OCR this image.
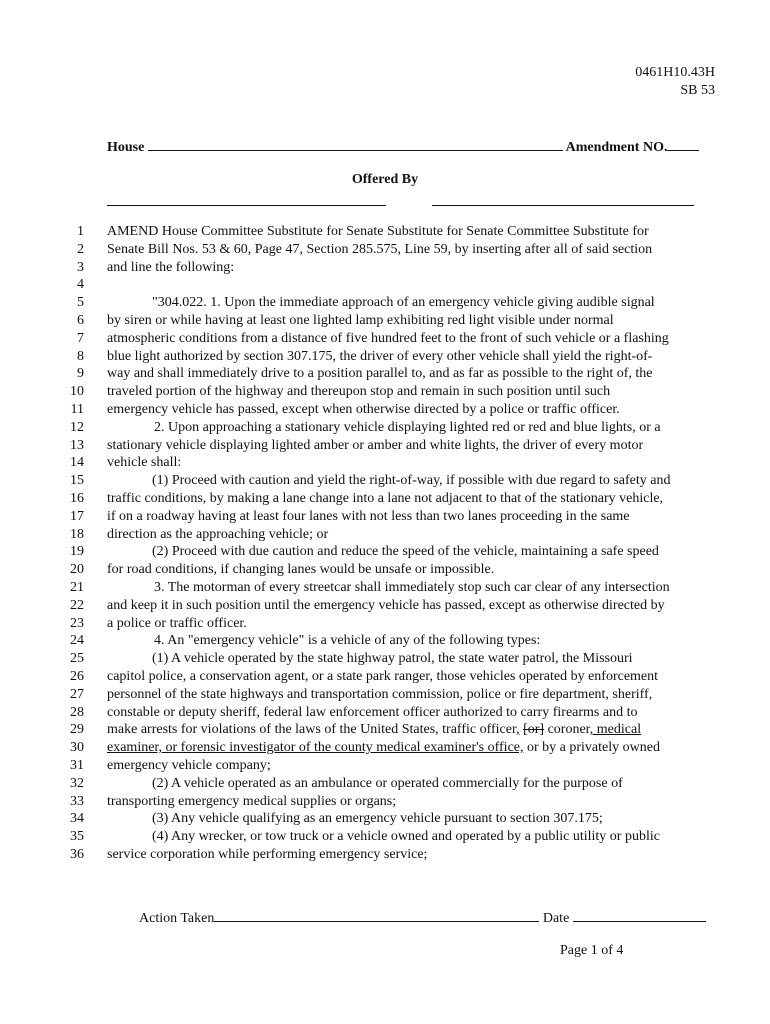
0461H10.43H
SB 53
House	Amendment NO.
Offered By
1 AMEND House Committee Substitute for Senate Substitute for Senate Committee Substitute for
2 Senate Bill Nos. 53 & 60, Page 47, Section 285.575, Line 59, by inserting after all of said section
3 and line the following:
4
5	"304.022. 1. Upon the immediate approach of an emergency vehicle giving audible signal
6 by siren or while having at least one lighted lamp exhibiting red light visible under normal
7 atmospheric conditions from a distance of five hundred feet to the front of such vehicle or a flashing
8 blue light authorized by section 307.175, the driver of every other vehicle shall yield the right-of-
9 way and shall immediately drive to a position parallel to, and as far as possible to the right of, the
10 traveled portion of the highway and thereupon stop and remain in such position until such
11 emergency vehicle has passed, except when otherwise directed by a police or traffic officer.
12	2. Upon approaching a stationary vehicle displaying lighted red or red and blue lights, or a
13 stationary vehicle displaying lighted amber or amber and white lights, the driver of every motor
14 vehicle shall:
15	(1) Proceed with caution and yield the right-of-way, if possible with due regard to safety and
16 traffic conditions, by making a lane change into a lane not adjacent to that of the stationary vehicle,
17 if on a roadway having at least four lanes with not less than two lanes proceeding in the same
18 direction as the approaching vehicle; or
19	(2) Proceed with due caution and reduce the speed of the vehicle, maintaining a safe speed
20 for road conditions, if changing lanes would be unsafe or impossible.
21	3. The motorman of every streetcar shall immediately stop such car clear of any intersection
22 and keep it in such position until the emergency vehicle has passed, except as otherwise directed by
23 a police or traffic officer.
24	4. An "emergency vehicle" is a vehicle of any of the following types:
25	(1) A vehicle operated by the state highway patrol, the state water patrol, the Missouri
26 capitol police, a conservation agent, or a state park ranger, those vehicles operated by enforcement
27 personnel of the state highways and transportation commission, police or fire department, sheriff,
28 constable or deputy sheriff, federal law enforcement officer authorized to carry firearms and to
29 make arrests for violations of the laws of the United States, traffic officer, [or] coroner, medical
30 examiner, or forensic investigator of the county medical examiner's office, or by a privately owned
31 emergency vehicle company;
32	(2) A vehicle operated as an ambulance or operated commercially for the purpose of
33 transporting emergency medical supplies or organs;
34	(3) Any vehicle qualifying as an emergency vehicle pursuant to section 307.175;
35	(4) Any wrecker, or tow truck or a vehicle owned and operated by a public utility or public
36 service corporation while performing emergency service;
Action Taken	Date
Page 1 of 4
